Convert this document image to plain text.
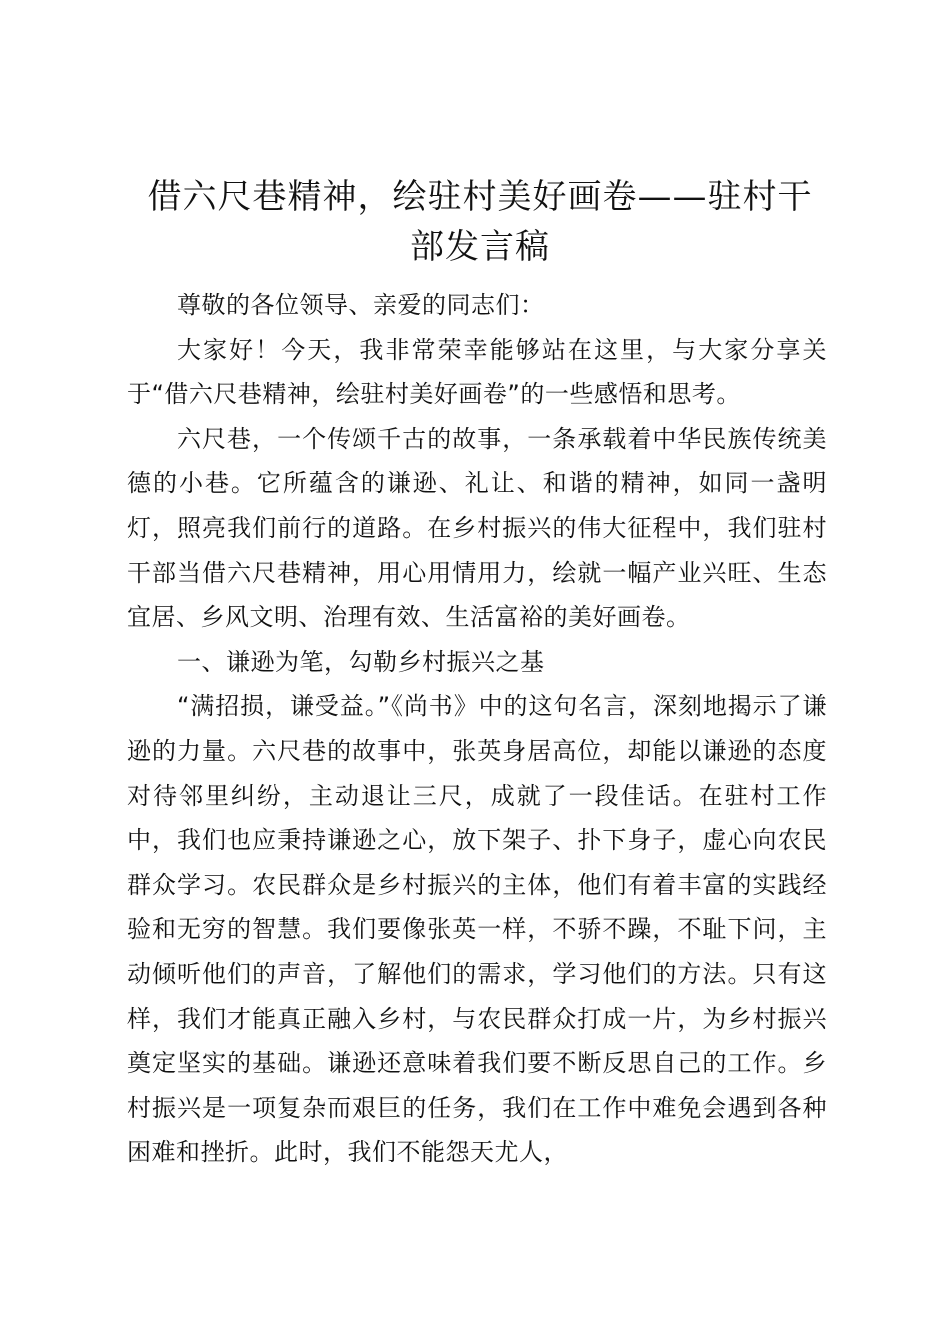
借六尺巷精神，绘驻村美好画卷——驻村干
部发言稿

尊敬的各位领导、亲爱的同志们：

大家好！今天，我非常荣幸能够站在这里，与大家分享关于“借六尺巷精神，绘驻村美好画卷”的一些感悟和思考。

六尺巷，一个传颂千古的故事，一条承载着中华民族传统美德的小巷。它所蕴含的谦逊、礼让、和谐的精神，如同一盏明灯，照亮我们前行的道路。在乡村振兴的伟大征程中，我们驻村干部当借六尺巷精神，用心用情用力，绘就一幅产业兴旺、生态宜居、乡风文明、治理有效、生活富裕的美好画卷。

一、谦逊为笔，勾勒乡村振兴之基

“满招损，谦受益。”《尚书》中的这句名言，深刻地揭示了谦逊的力量。六尺巷的故事中，张英身居高位，却能以谦逊的态度对待邻里纠纷，主动退让三尺，成就了一段佳话。在驻村工作中，我们也应秉持谦逊之心，放下架子、扑下身子，虚心向农民群众学习。农民群众是乡村振兴的主体，他们有着丰富的实践经验和无穷的智慧。我们要像张英一样，不骄不躁，不耻下问，主动倾听他们的声音，了解他们的需求，学习他们的方法。只有这样，我们才能真正融入乡村，与农民群众打成一片，为乡村振兴奠定坚实的基础。谦逊还意味着我们要不断反思自己的工作。乡村振兴是一项复杂而艰巨的任务，我们在工作中难免会遇到各种困难和挫折。此时，我们不能怨天尤人，
